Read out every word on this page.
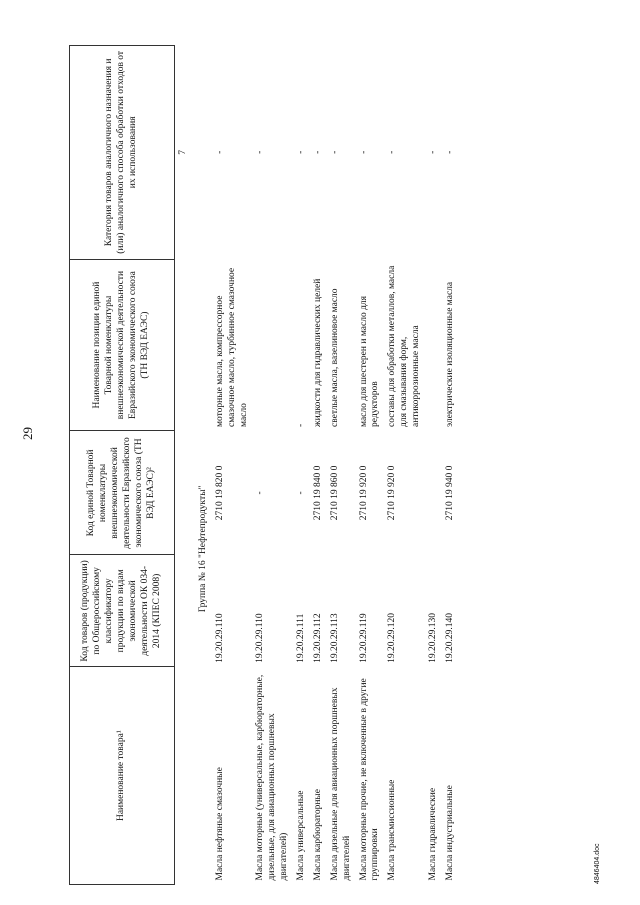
29
4846404.doc
Наименование товара¹	Код товаров (продукции) по Общероссийскому классификатору продукции по видам экономической деятельности ОК 034-2014 (КПЕС 2008)	Код единой Товарной номенклатуры внешнеэкономической деятельности Евразийского экономического союза (ТН ВЭД ЕАЭС)²	Наименование позиции единой Товарной номенклатуры внешнеэкономической деятельности Евразийского экономического союза (ТН ВЭД ЕАЭС)	Категория товаров аналогичного назначения и (или) аналогичного способа обработки отходов от их использования
				7
	Группа № 16 "Нефтепродукты"			
Масла нефтяные смазочные	19.20.29.110	2710 19 820 0	моторные масла, компрессорное смазочное масло, турбинное смазочное масло	-
Масла моторные (универсальные, карбюраторные, дизельные, для авиационных поршневых двигателей)	19.20.29.110	-		-
Масла универсальные	19.20.29.111	-	-	-
Масла карбюраторные	19.20.29.112	2710 19 840 0	жидкости для гидравлических целей	-
Масла дизельные для авиационных поршневых двигателей	19.20.29.113	2710 19 860 0	светлые масла, вазелиновое масло	-
Масла моторные прочие, не включенные в другие группировки	19.20.29.119	2710 19 920 0	масло для шестерен и масло для редукторов	-
Масла трансмиссионные	19.20.29.120	2710 19 920 0	составы для обработки металлов, масла для смазывания форм, антикоррозионные масла	-
Масла гидравлические	19.20.29.130			-
Масла индустриальные	19.20.29.140	2710 19 940 0	электрические изоляционные масла	-
